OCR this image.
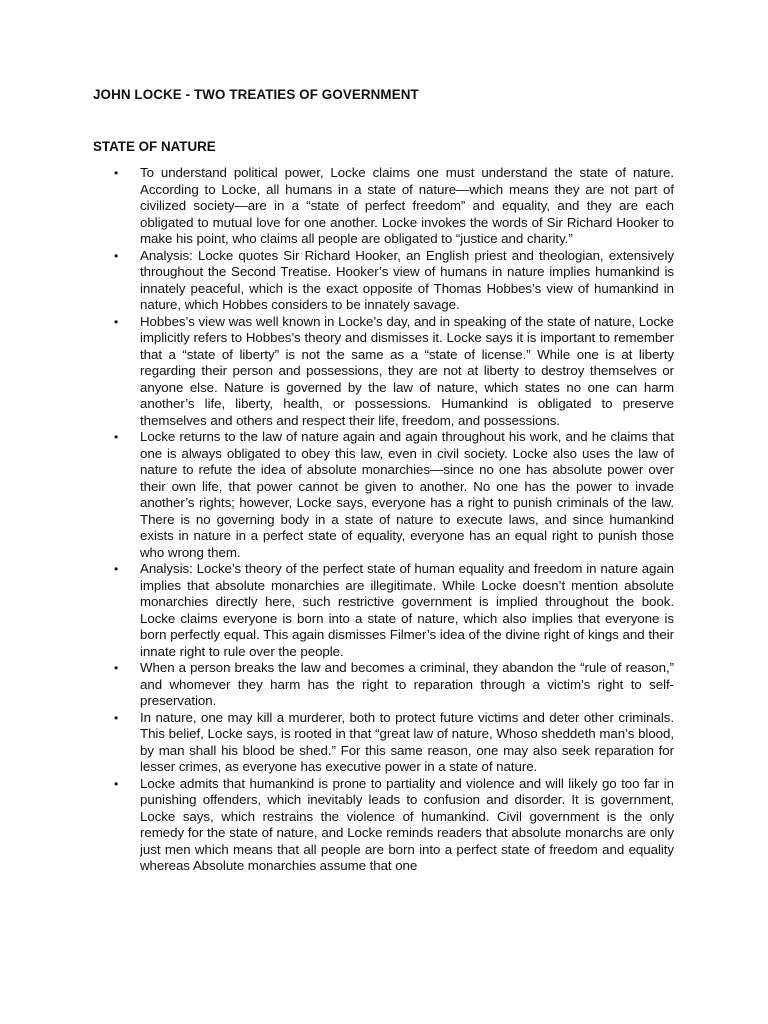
JOHN LOCKE - TWO TREATIES OF GOVERNMENT
STATE OF NATURE
• To understand political power, Locke claims one must understand the state of nature. According to Locke, all humans in a state of nature—which means they are not part of civilized society—are in a “state of perfect freedom” and equality, and they are each obligated to mutual love for one another. Locke invokes the words of Sir Richard Hooker to make his point, who claims all people are obligated to “justice and charity.”

• Analysis: Locke quotes Sir Richard Hooker, an English priest and theologian, extensively throughout the Second Treatise. Hooker’s view of humans in nature implies humankind is innately peaceful, which is the exact opposite of Thomas Hobbes’s view of humankind in nature, which Hobbes considers to be innately savage.

• Hobbes’s view was well known in Locke’s day, and in speaking of the state of nature, Locke implicitly refers to Hobbes’s theory and dismisses it. Locke says it is important to remember that a “state of liberty” is not the same as a “state of license.” While one is at liberty regarding their person and possessions, they are not at liberty to destroy themselves or anyone else. Nature is governed by the law of nature, which states no one can harm another’s life, liberty, health, or possessions. Humankind is obligated to preserve themselves and others and respect their life, freedom, and possessions.

• Locke returns to the law of nature again and again throughout his work, and he claims that one is always obligated to obey this law, even in civil society. Locke also uses the law of nature to refute the idea of absolute monarchies—since no one has absolute power over their own life, that power cannot be given to another. No one has the power to invade another’s rights; however, Locke says, everyone has a right to punish criminals of the law. There is no governing body in a state of nature to execute laws, and since humankind exists in nature in a perfect state of equality, everyone has an equal right to punish those who wrong them.

• Analysis: Locke’s theory of the perfect state of human equality and freedom in nature again implies that absolute monarchies are illegitimate. While Locke doesn’t mention absolute monarchies directly here, such restrictive government is implied throughout the book. Locke claims everyone is born into a state of nature, which also implies that everyone is born perfectly equal. This again dismisses Filmer’s idea of the divine right of kings and their innate right to rule over the people.

• When a person breaks the law and becomes a criminal, they abandon the “rule of reason,” and whomever they harm has the right to reparation through a victim’s right to self-preservation.

• In nature, one may kill a murderer, both to protect future victims and deter other criminals. This belief, Locke says, is rooted in that “great law of nature, Whoso sheddeth man’s blood, by man shall his blood be shed.” For this same reason, one may also seek reparation for lesser crimes, as everyone has executive power in a state of nature.

• Locke admits that humankind is prone to partiality and violence and will likely go too far in punishing offenders, which inevitably leads to confusion and disorder. It is government, Locke says, which restrains the violence of humankind. Civil government is the only remedy for the state of nature, and Locke reminds readers that absolute monarchs are only just men which means that all people are born into a perfect state of freedom and equality whereas Absolute monarchies assume that one
